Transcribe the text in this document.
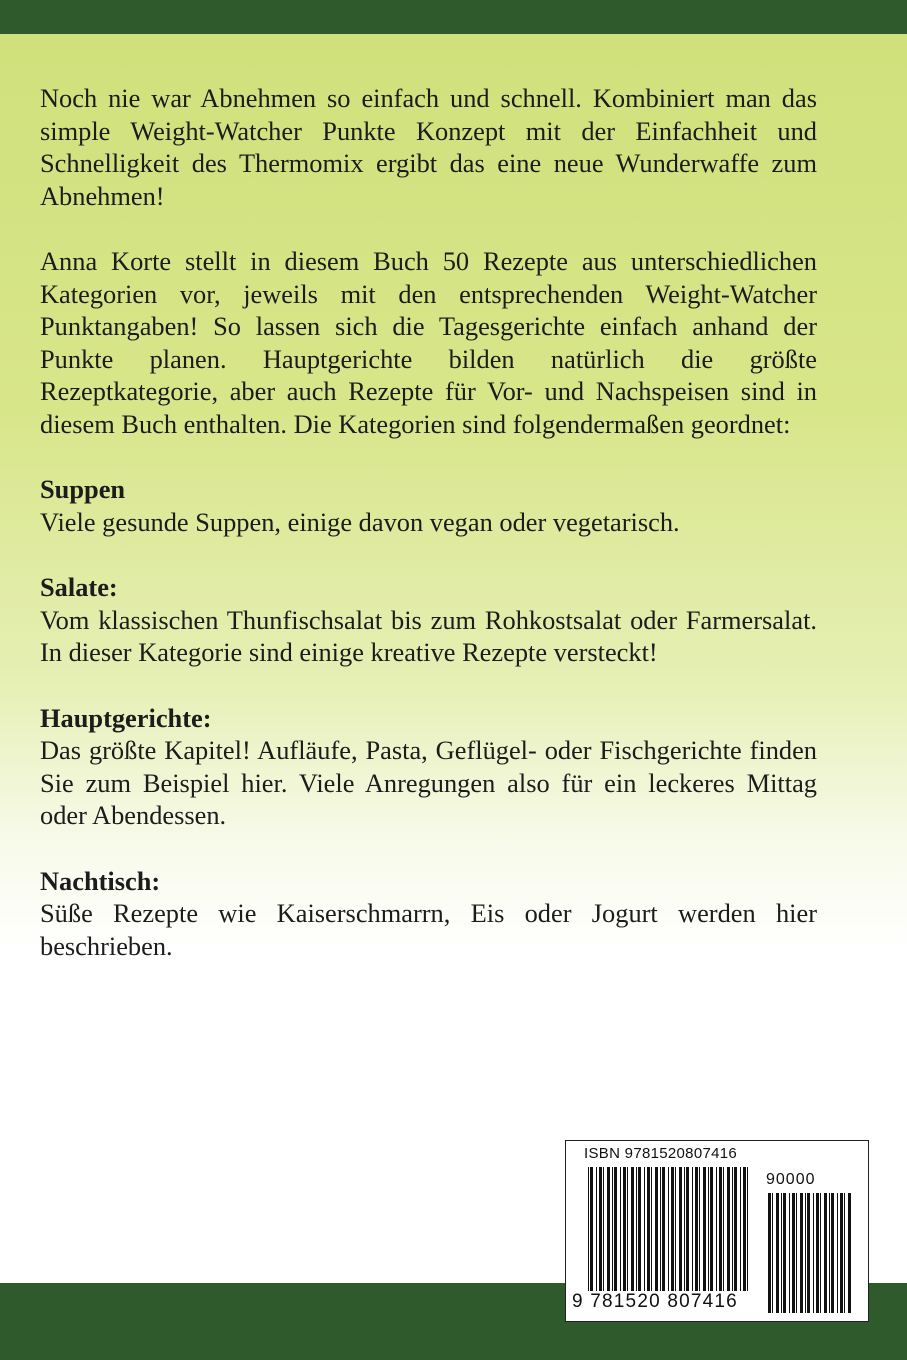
Noch nie war Abnehmen so einfach und schnell. Kombiniert man das simple Weight-Watcher Punkte Konzept mit der Einfachheit und Schnelligkeit des Thermomix ergibt das eine neue Wunderwaffe zum Abnehmen!

Anna Korte stellt in diesem Buch 50 Rezepte aus unterschiedlichen Kategorien vor, jeweils mit den entsprechenden Weight-Watcher Punktangaben! So lassen sich die Tagesgerichte einfach anhand der Punkte planen. Hauptgerichte bilden natürlich die größte Rezeptkategorie, aber auch Rezepte für Vor- und Nachspeisen sind in diesem Buch enthalten. Die Kategorien sind folgendermaßen geordnet:

Suppen

Viele gesunde Suppen, einige davon vegan oder vegetarisch.

Salate:

Vom klassischen Thunfischsalat bis zum Rohkostsalat oder Farmersalat. In dieser Kategorie sind einige kreative Rezepte versteckt!

Hauptgerichte:

Das größte Kapitel! Aufläufe, Pasta, Geflügel- oder Fischgerichte finden Sie zum Beispiel hier. Viele Anregungen also für ein leckeres Mittag oder Abendessen.

Nachtisch:

Süße Rezepte wie Kaiserschmarrn, Eis oder Jogurt werden hier beschrieben.

ISBN 9781520807416
90000
9 781520 807416
